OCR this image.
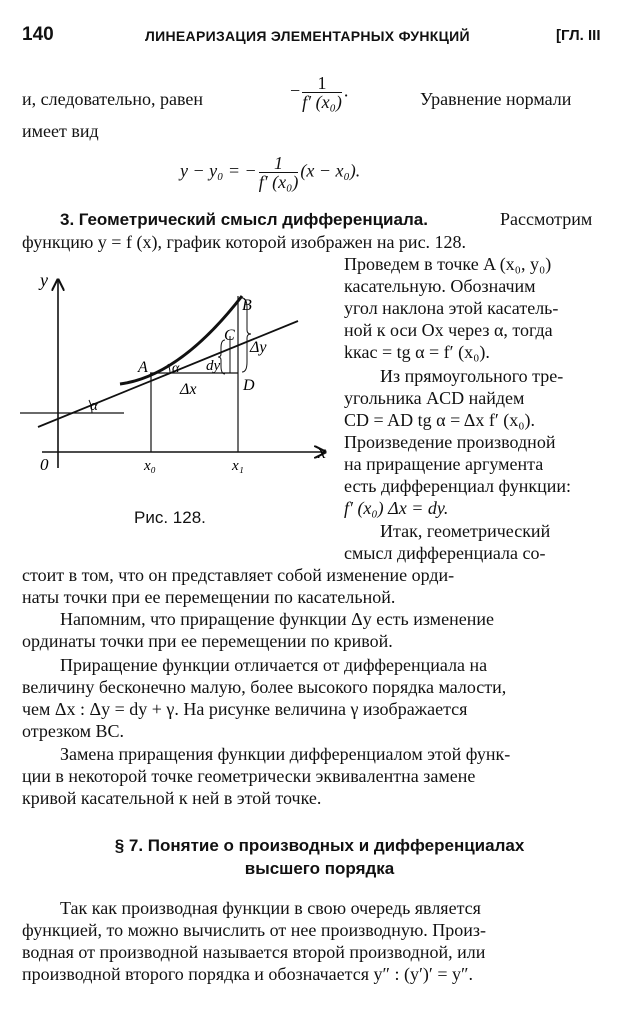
140	ЛИНЕАРИЗАЦИЯ ЭЛЕМЕНТАРНЫХ ФУНКЦИЙ	[ГЛ. III
и, следовательно, равен	− $\frac{1}{\text{f′ (x₀)}}$ .	Уравнение нормали
имеет вид
y − y₀ = − $\frac{1}{\text{f′ (x₀)}} (x - x_0)$.
3. Геометрический смысл дифференциала.	Рассмотрим
функцию y = f (x), график которой изображен на рис. 128.
Проведем в точке A (x₀, y₀)
касательную. Обозначим
угол наклона этой касатель-
ной к оси Ox через α, тогда
kкас = tg α = f′ (x₀).
Из прямоугольного тре-
угольника ACD найдем
CD = AD tg α = Δx f′ (x₀).
Произведение производной
на приращение аргумента
есть дифференциал функции:
f′ (x₀) Δx = dy.
Итак, геометрический
смысл дифференциала со-
стоит в том, что он представляет собой изменение орди-
наты точки при ее перемещении по касательной.
y
x
0
A
B
C
D
dy
Δy
Δx
α
α
x₀	x₁
Рис. 128.
Напомним, что приращение функции Δy есть изменение
ординаты точки при ее перемещении по кривой.
Приращение функции отличается от дифференциала на
величину бесконечно малую, более высокого порядка малости,
чем Δx : Δy = dy + γ. На рисунке величина γ изображается
отрезком BC.
Замена приращения функции дифференциалом этой функ-
ции в некоторой точке геометрически эквивалентна замене
кривой касательной к ней в этой точке.
§ 7. Понятие о производных и дифференциалах
высшего порядка
Так как производная функции в свою очередь является
функцией, то можно вычислить от нее производную. Произ-
водная от производной называется второй производной, или
производной второго порядка и обозначается y″ : (y′)′ = y″.
